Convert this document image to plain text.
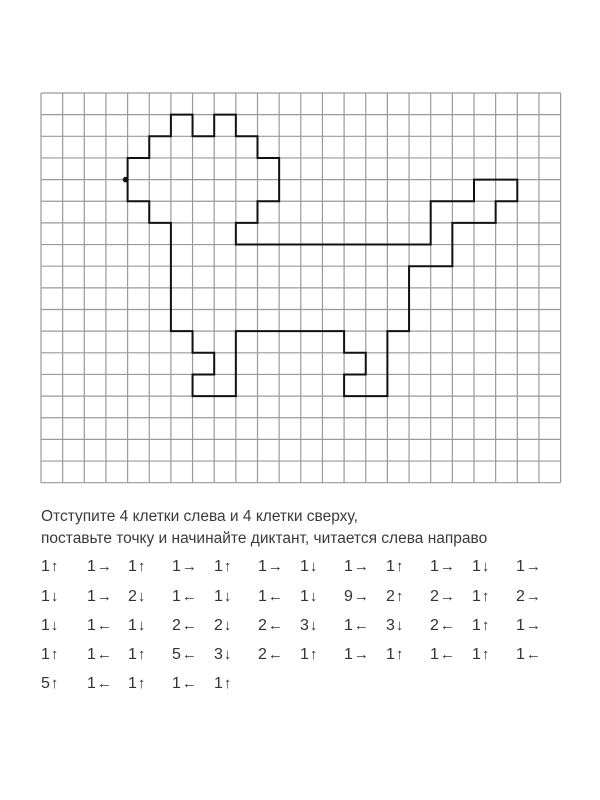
Отступите 4 клетки слева и 4 клетки сверху,
поставьте точку и начинайте диктант, читается слева направо
1↑ 1→ 1↑ 1→ 1↑ 1→ 1↓ 1→ 1↑ 1→ 1↓ 1→
1↓ 1→ 2↓ 1← 1↓ 1← 1↓ 9→ 2↑ 2→ 1↑ 2→
1↓ 1← 1↓ 2← 2↓ 2← 3↓ 1← 3↓ 2← 1↑ 1→
1↑ 1← 1↑ 5← 3↓ 2← 1↑ 1→ 1↑ 1← 1↑ 1←
5↑ 1← 1↑ 1← 1↑
